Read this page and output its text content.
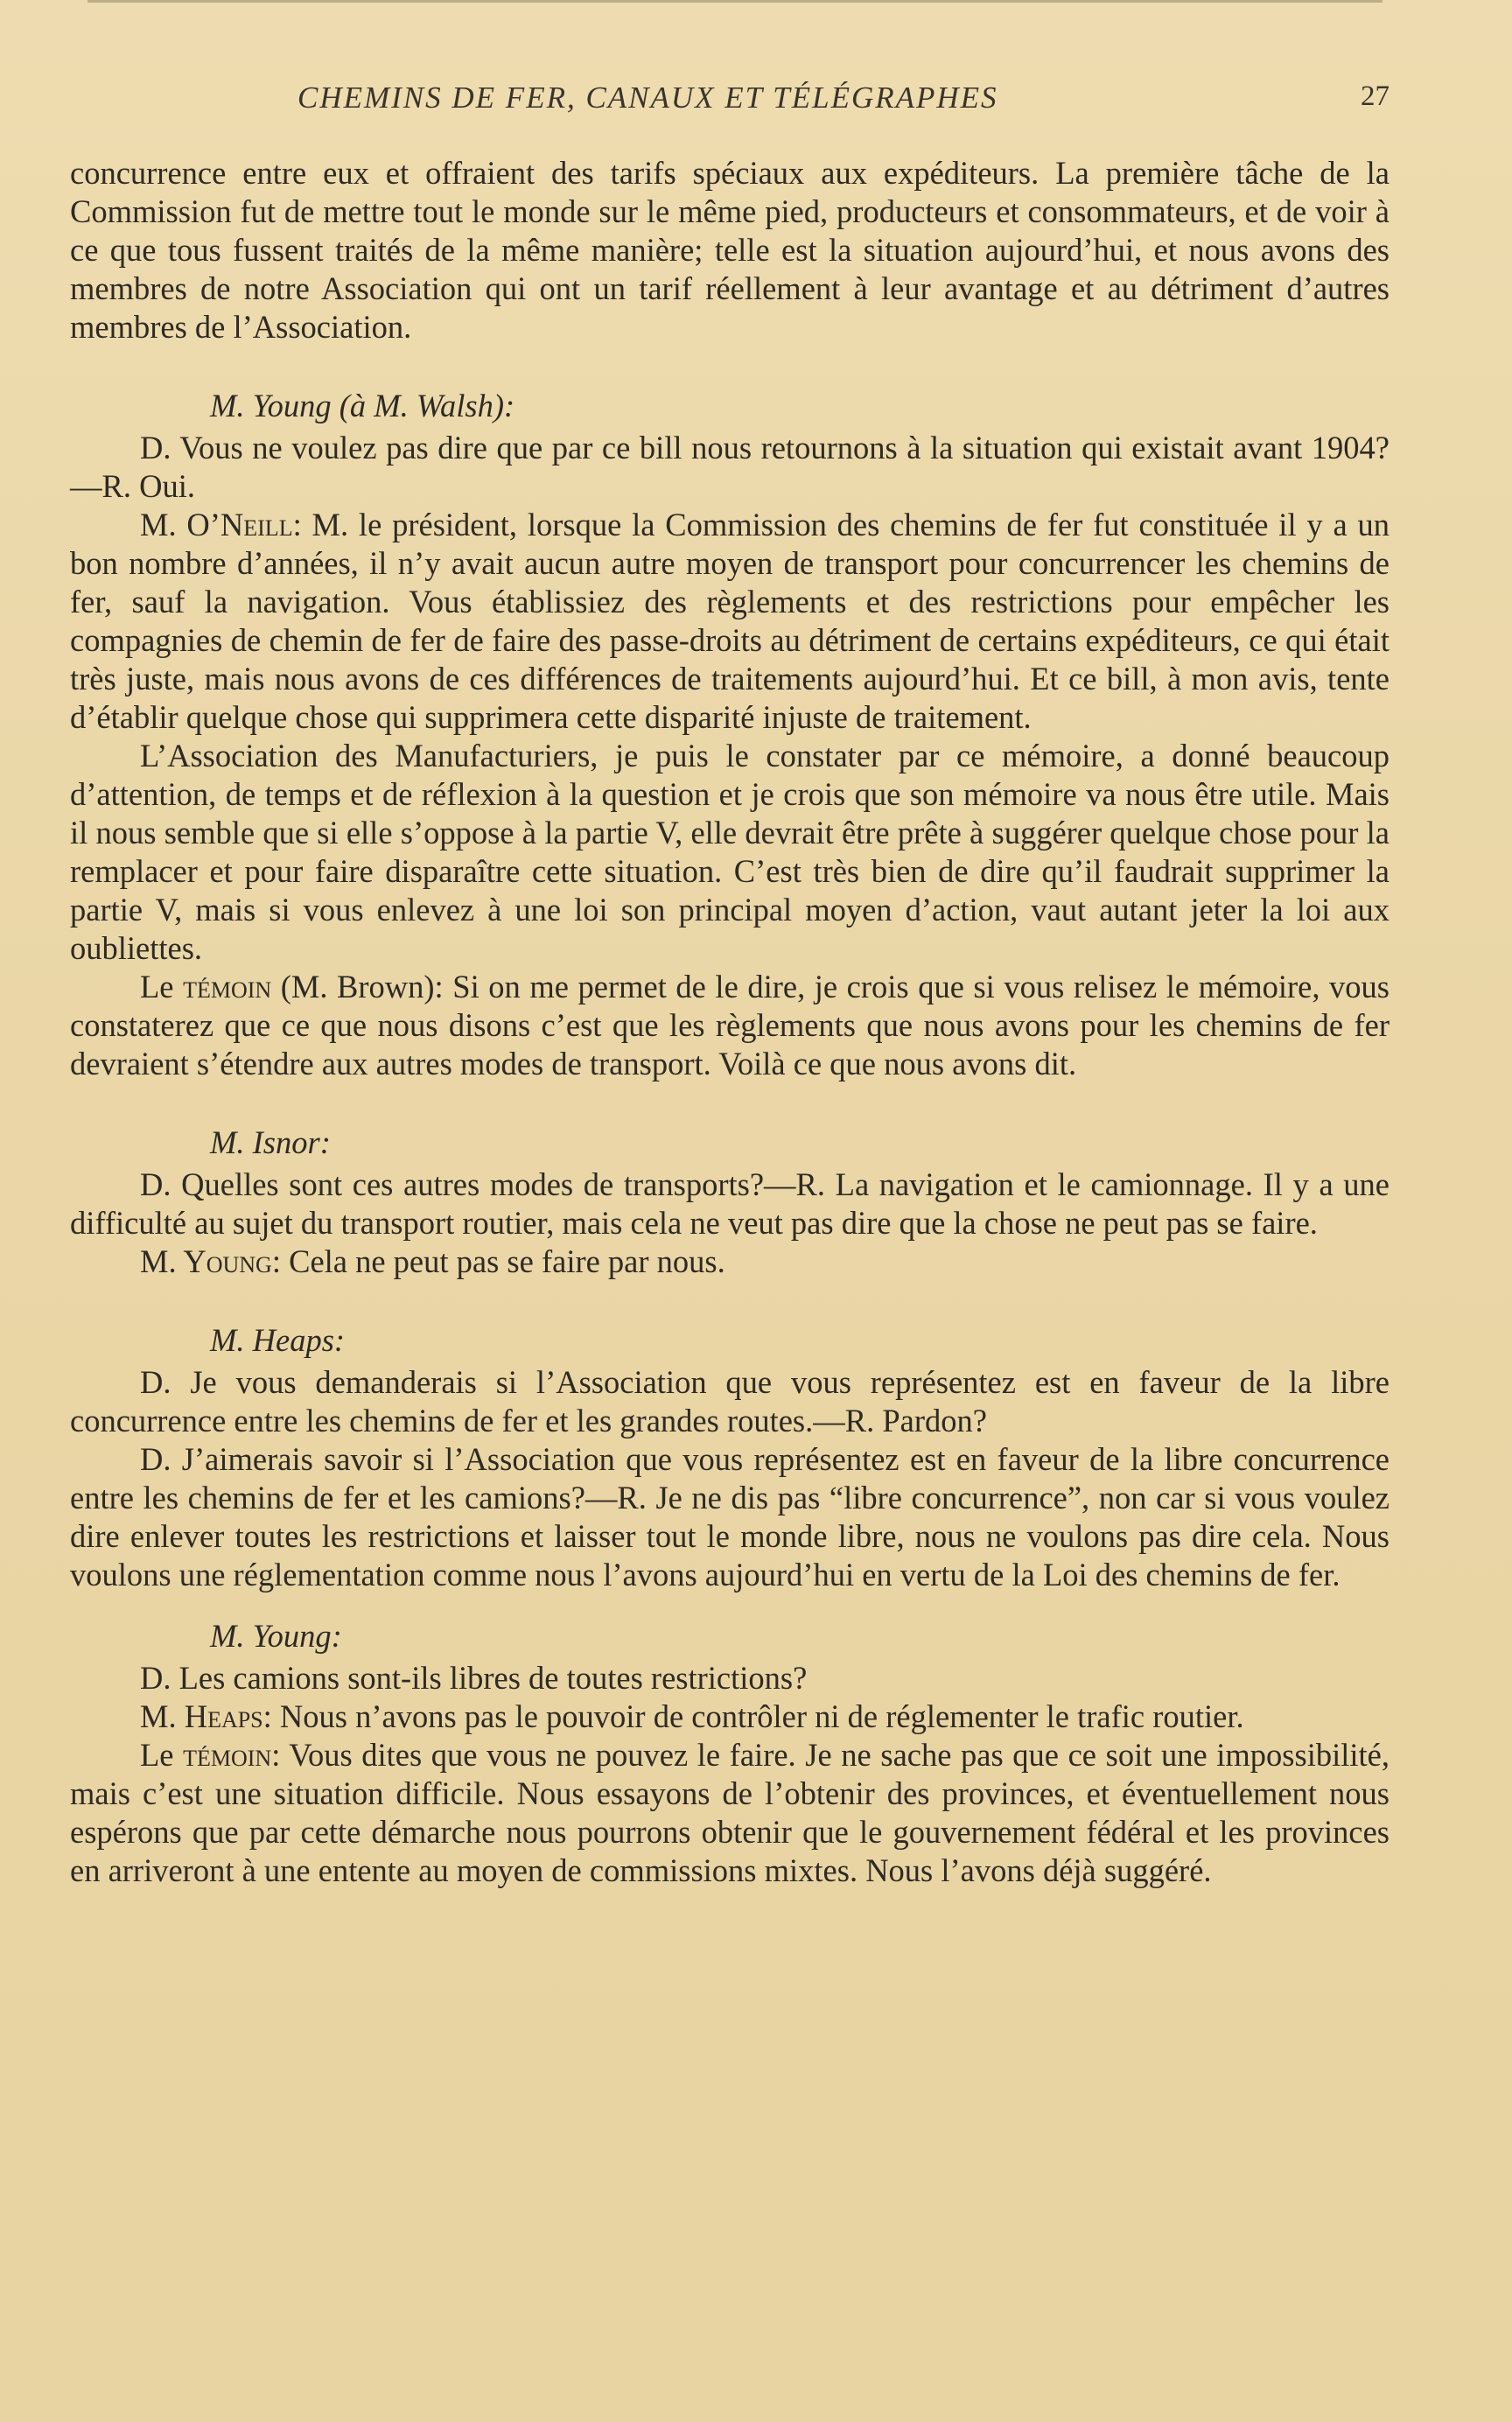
CHEMINS DE FER, CANAUX ET TÉLÉGRAPHES	27

concurrence entre eux et offraient des tarifs spéciaux aux expéditeurs. La première tâche de la Commission fut de mettre tout le monde sur le même pied, producteurs et consommateurs, et de voir à ce que tous fussent traités de la même manière; telle est la situation aujourd’hui, et nous avons des membres de notre Association qui ont un tarif réellement à leur avantage et au détriment d’autres membres de l’Association.

M. Young (à M. Walsh):

D. Vous ne voulez pas dire que par ce bill nous retournons à la situation qui existait avant 1904?—R. Oui.

M. O’Neill: M. le président, lorsque la Commission des chemins de fer fut constituée il y a un bon nombre d’années, il n’y avait aucun autre moyen de transport pour concurrencer les chemins de fer, sauf la navigation. Vous établissiez des règlements et des restrictions pour empêcher les compagnies de chemin de fer de faire des passe-droits au détriment de certains expéditeurs, ce qui était très juste, mais nous avons de ces différences de traitements aujourd’hui. Et ce bill, à mon avis, tente d’établir quelque chose qui supprimera cette disparité injuste de traitement.

L’Association des Manufacturiers, je puis le constater par ce mémoire, a donné beaucoup d’attention, de temps et de réflexion à la question et je crois que son mémoire va nous être utile. Mais il nous semble que si elle s’oppose à la partie V, elle devrait être prête à suggérer quelque chose pour la remplacer et pour faire disparaître cette situation. C’est très bien de dire qu’il faudrait supprimer la partie V, mais si vous enlevez à une loi son principal moyen d’action, vaut autant jeter la loi aux oubliettes.

Le témoin (M. Brown): Si on me permet de le dire, je crois que si vous relisez le mémoire, vous constaterez que ce que nous disons c’est que les règlements que nous avons pour les chemins de fer devraient s’étendre aux autres modes de transport. Voilà ce que nous avons dit.

M. Isnor:

D. Quelles sont ces autres modes de transports?—R. La navigation et le camionnage. Il y a une difficulté au sujet du transport routier, mais cela ne veut pas dire que la chose ne peut pas se faire.

M. Young: Cela ne peut pas se faire par nous.

M. Heaps:

D. Je vous demanderais si l’Association que vous représentez est en faveur de la libre concurrence entre les chemins de fer et les grandes routes.—R. Pardon?

D. J’aimerais savoir si l’Association que vous représentez est en faveur de la libre concurrence entre les chemins de fer et les camions?—R. Je ne dis pas “libre concurrence”, non car si vous voulez dire enlever toutes les restrictions et laisser tout le monde libre, nous ne voulons pas dire cela. Nous voulons une réglementation comme nous l’avons aujourd’hui en vertu de la Loi des chemins de fer.

M. Young:

D. Les camions sont-ils libres de toutes restrictions?

M. Heaps: Nous n’avons pas le pouvoir de contrôler ni de réglementer le trafic routier.

Le témoin: Vous dites que vous ne pouvez le faire. Je ne sache pas que ce soit une impossibilité, mais c’est une situation difficile. Nous essayons de l’obtenir des provinces, et éventuellement nous espérons que par cette démarche nous pourrons obtenir que le gouvernement fédéral et les provinces en arriveront à une entente au moyen de commissions mixtes. Nous l’avons déjà suggéré.
